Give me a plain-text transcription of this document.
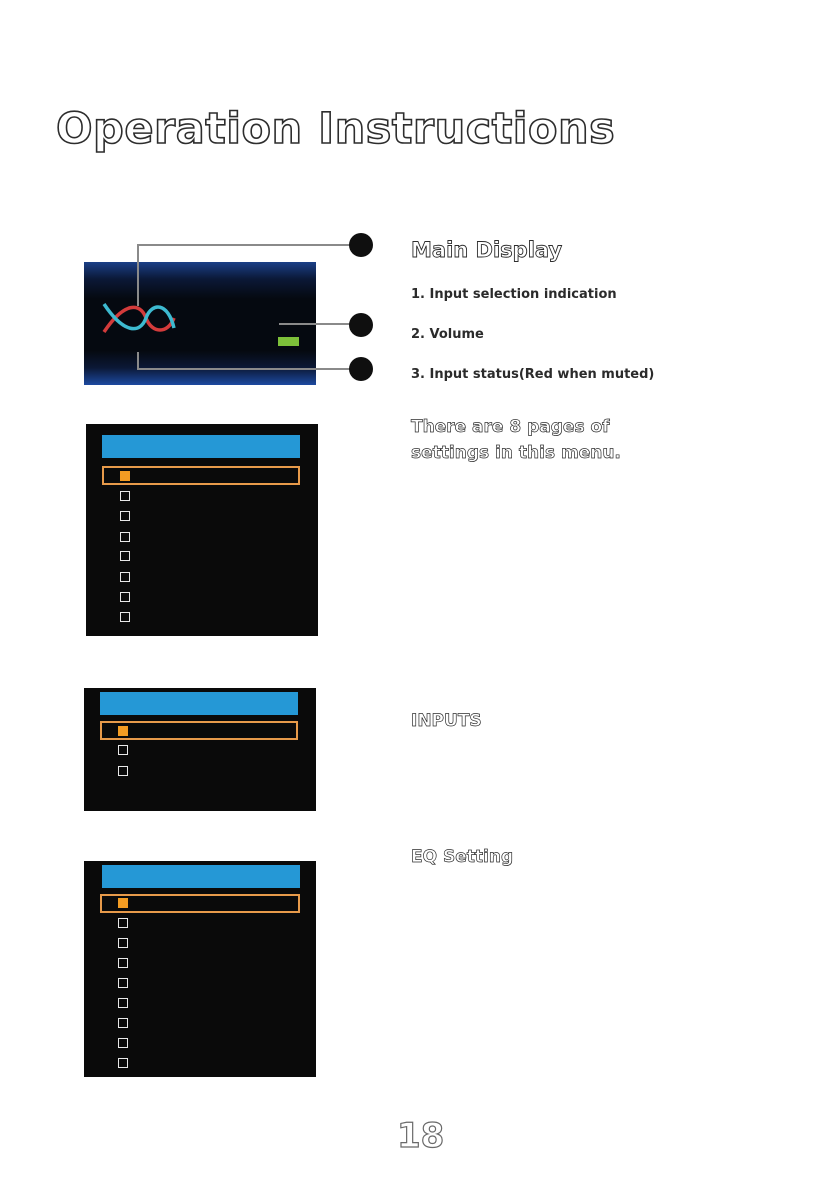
Operation Instructions
Main Display
1. Input selection indication
2. Volume
3. Input status(Red when muted)
There are 8 pages of settings in this menu.
INPUTS
EQ Setting
18
